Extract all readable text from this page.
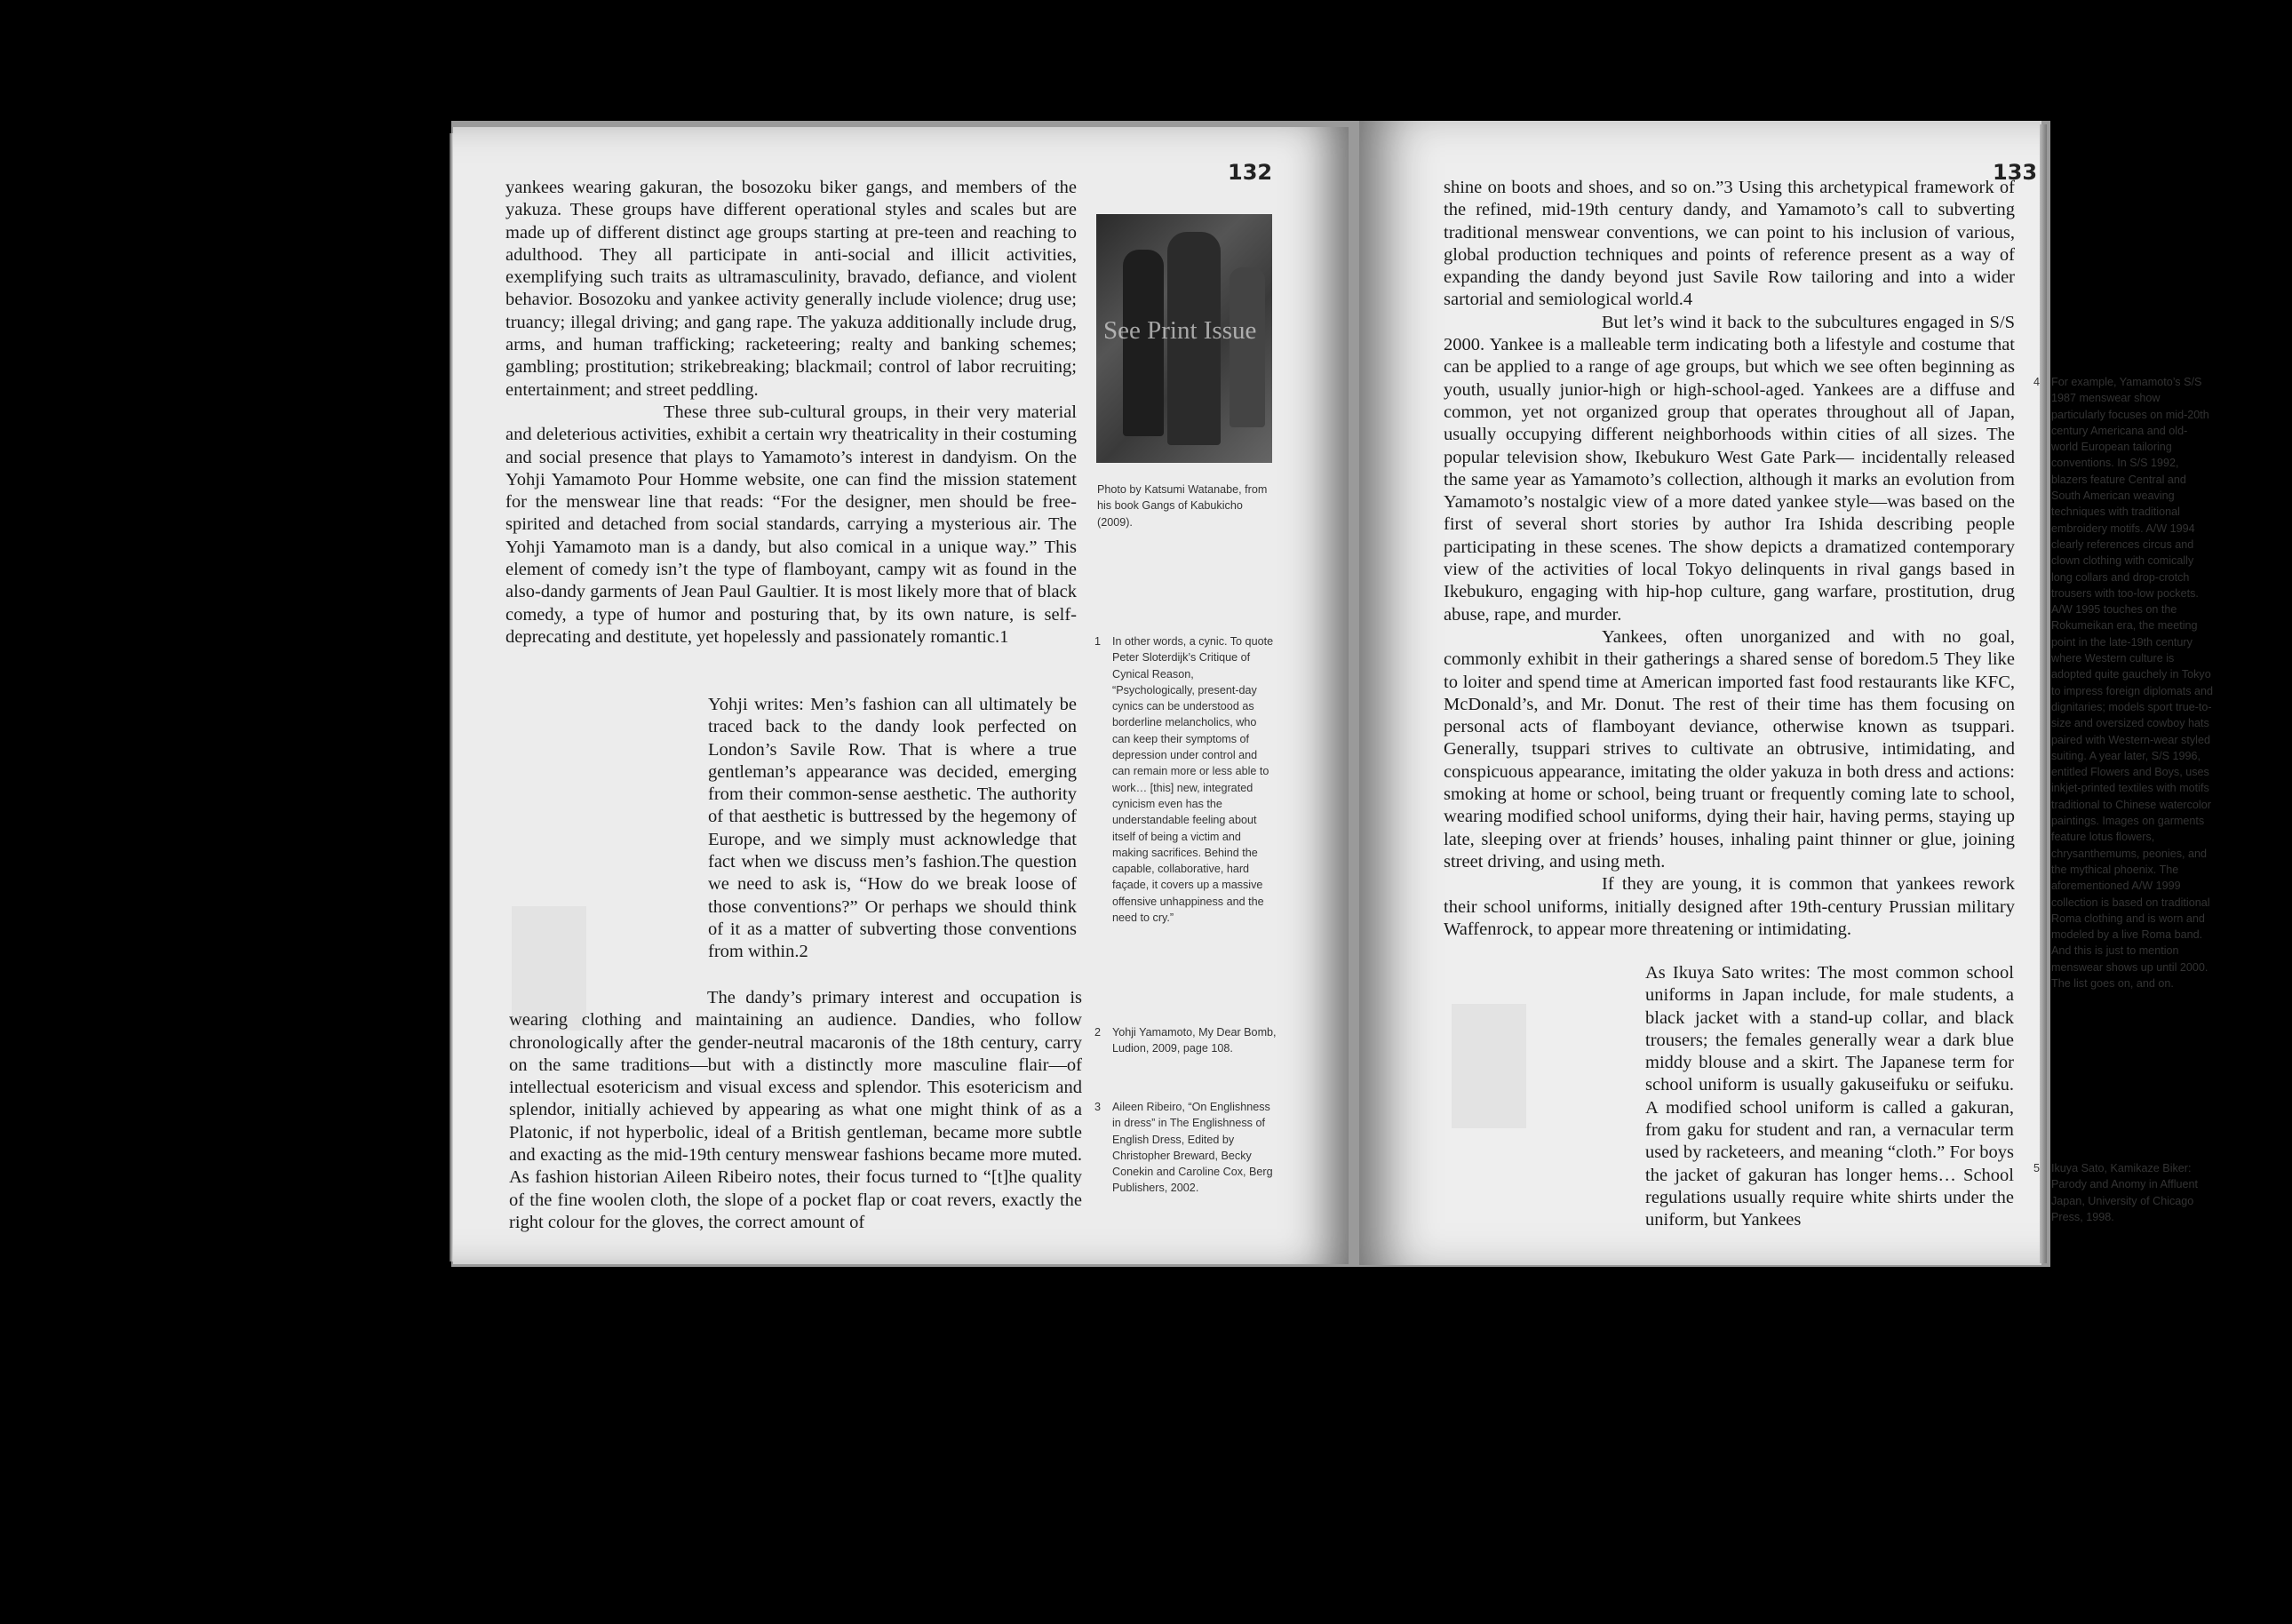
132

yankees wearing gakuran, the bosozoku biker gangs, and members of the yakuza. These groups have different operational styles and scales but are made up of different distinct age groups starting at pre-teen and reaching to adulthood. They all participate in anti-social and illicit activities, exemplifying such traits as ultramasculinity, bravado, defiance, and violent behavior. Bosozoku and yankee activity generally include violence; drug use; truancy; illegal driving; and gang rape. The yakuza additionally include drug, arms, and human trafficking; racketeering; realty and banking schemes; gambling; prostitution; strikebreaking; blackmail; control of labor recruiting; entertainment; and street peddling.

These three sub-cultural groups, in their very material and deleterious activities, exhibit a certain wry theatricality in their costuming and social presence that plays to Yamamoto’s interest in dandyism. On the Yohji Yamamoto Pour Homme website, one can find the mission statement for the menswear line that reads: “For the designer, men should be free-spirited and detached from social standards, carrying a mysterious air. The Yohji Yamamoto man is a dandy, but also comical in a unique way.” This element of comedy isn’t the type of flamboyant, campy wit as found in the also-dandy garments of Jean Paul Gaultier. It is most likely more that of black comedy, a type of humor and posturing that, by its own nature, is self-deprecating and destitute, yet hopelessly and passionately romantic.1

Yohji writes: Men’s fashion can all ultimately be traced back to the dandy look perfected on London’s Savile Row. That is where a true gentleman’s appearance was decided, emerging from their common-sense aesthetic. The authority of that aesthetic is buttressed by the hegemony of Europe, and we simply must acknowledge that fact when we discuss men’s fashion.The question we need to ask is, “How do we break loose of those conventions?” Or perhaps we should think of it as a matter of subverting those conventions from within.2
The dandy’s primary interest and occupation is wearing clothing and maintaining an audience. Dandies, who follow chronologically after the gender-neutral macaronis of the 18th century, carry on the same traditions—but with a distinctly more masculine flair—of intellectual esotericism and visual excess and splendor. This esotericism and splendor, initially achieved by appearing as what one might think of as a Platonic, if not hyperbolic, ideal of a British gentleman, became more subtle and exacting as the mid-19th century menswear fashions became more muted. As fashion historian Aileen Ribeiro notes, their focus turned to “[t]he quality of the fine woolen cloth, the slope of a pocket flap or coat revers, exactly the right colour for the gloves, the correct amount of
See Print Issue
Photo by Katsumi Watanabe, from his book Gangs of Kabukicho (2009).
1 In other words, a cynic. To quote Peter Sloterdijk’s Critique of Cynical Reason, “Psychologically, present-day cynics can be understood as borderline melancholics, who can keep their symptoms of depression under control and can remain more or less able to work… [this] new, integrated cynicism even has the understandable feeling about itself of being a victim and making sacrifices. Behind the capable, collaborative, hard façade, it covers up a massive offensive unhappiness and the need to cry.”
2 Yohji Yamamoto, My Dear Bomb, Ludion, 2009, page 108.
3 Aileen Ribeiro, “On Englishness in dress” in The Englishness of English Dress, Edited by Christopher Breward, Becky Conekin and Caroline Cox, Berg Publishers, 2002.
133

shine on boots and shoes, and so on.”3 Using this archetypical framework of the refined, mid-19th century dandy, and Yamamoto’s call to subverting traditional menswear conventions, we can point to his inclusion of various, global production techniques and points of reference present as a way of expanding the dandy beyond just Savile Row tailoring and into a wider sartorial and semiological world.4

But let’s wind it back to the subcultures engaged in S/S 2000. Yankee is a malleable term indicating both a lifestyle and costume that can be applied to a range of age groups, but which we see often beginning as youth, usually junior-high or high-school-aged. Yankees are a diffuse and common, yet not organized group that operates throughout all of Japan, usually occupying different neighborhoods within cities of all sizes. The popular television show, Ikebukuro West Gate Park— incidentally released the same year as Yamamoto’s collection, although it marks an evolution from Yamamoto’s nostalgic view of a more dated yankee style—was based on the first of several short stories by author Ira Ishida describing people participating in these scenes. The show depicts a dramatized contemporary view of the activities of local Tokyo delinquents in rival gangs based in Ikebukuro, engaging with hip-hop culture, gang warfare, prostitution, drug abuse, rape, and murder.

Yankees, often unorganized and with no goal, commonly exhibit in their gatherings a shared sense of boredom.5 They like to loiter and spend time at American imported fast food restaurants like KFC, McDonald’s, and Mr. Donut. The rest of their time has them focusing on personal acts of flamboyant deviance, otherwise known as tsuppari. Generally, tsuppari strives to cultivate an obtrusive, intimidating, and conspicuous appearance, imitating the older yakuza in both dress and actions: smoking at home or school, being truant or frequently coming late to school, wearing modified school uniforms, dying their hair, having perms, staying up late, sleeping over at friends’ houses, inhaling paint thinner or glue, joining street driving, and using meth.

If they are young, it is common that yankees rework their school uniforms, initially designed after 19th-century Prussian military Waffenrock, to appear more threatening or intimidating.

As Ikuya Sato writes: The most common school uniforms in Japan include, for male students, a black jacket with a stand-up collar, and black trousers; the females generally wear a dark blue middy blouse and a skirt. The Japanese term for school uniform is usually gakuseifuku or seifuku. A modified school uniform is called a gakuran, from gaku for student and ran, a vernacular term used by racketeers, and meaning “cloth.” For boys the jacket of gakuran has longer hems… School regulations usually require white shirts under the uniform, but Yankees
4 For example, Yamamoto’s S/S 1987 menswear show particularly focuses on mid-20th century Americana and old-world European tailoring conventions. In S/S 1992, blazers feature Central and South American weaving techniques with traditional embroidery motifs. A/W 1994 clearly references circus and clown clothing with comically long collars and drop-crotch trousers with too-low pockets. A/W 1995 touches on the Rokumeikan era, the meeting point in the late-19th century where Western culture is adopted quite gauchely in Tokyo to impress foreign diplomats and dignitaries; models sport true-to-size and oversized cowboy hats paired with Western-wear styled suiting. A year later, S/S 1996, entitled Flowers and Boys, uses inkjet-printed textiles with motifs traditional to Chinese watercolor paintings. Images on garments feature lotus flowers, chrysanthemums, peonies, and the mythical phoenix. The aforementioned A/W 1999 collection is based on traditional Roma clothing and is worn and modeled by a live Roma band. And this is just to mention menswear shows up until 2000. The list goes on, and on.
5 Ikuya Sato, Kamikaze Biker: Parody and Anomy in Affluent Japan, University of Chicago Press, 1998.
